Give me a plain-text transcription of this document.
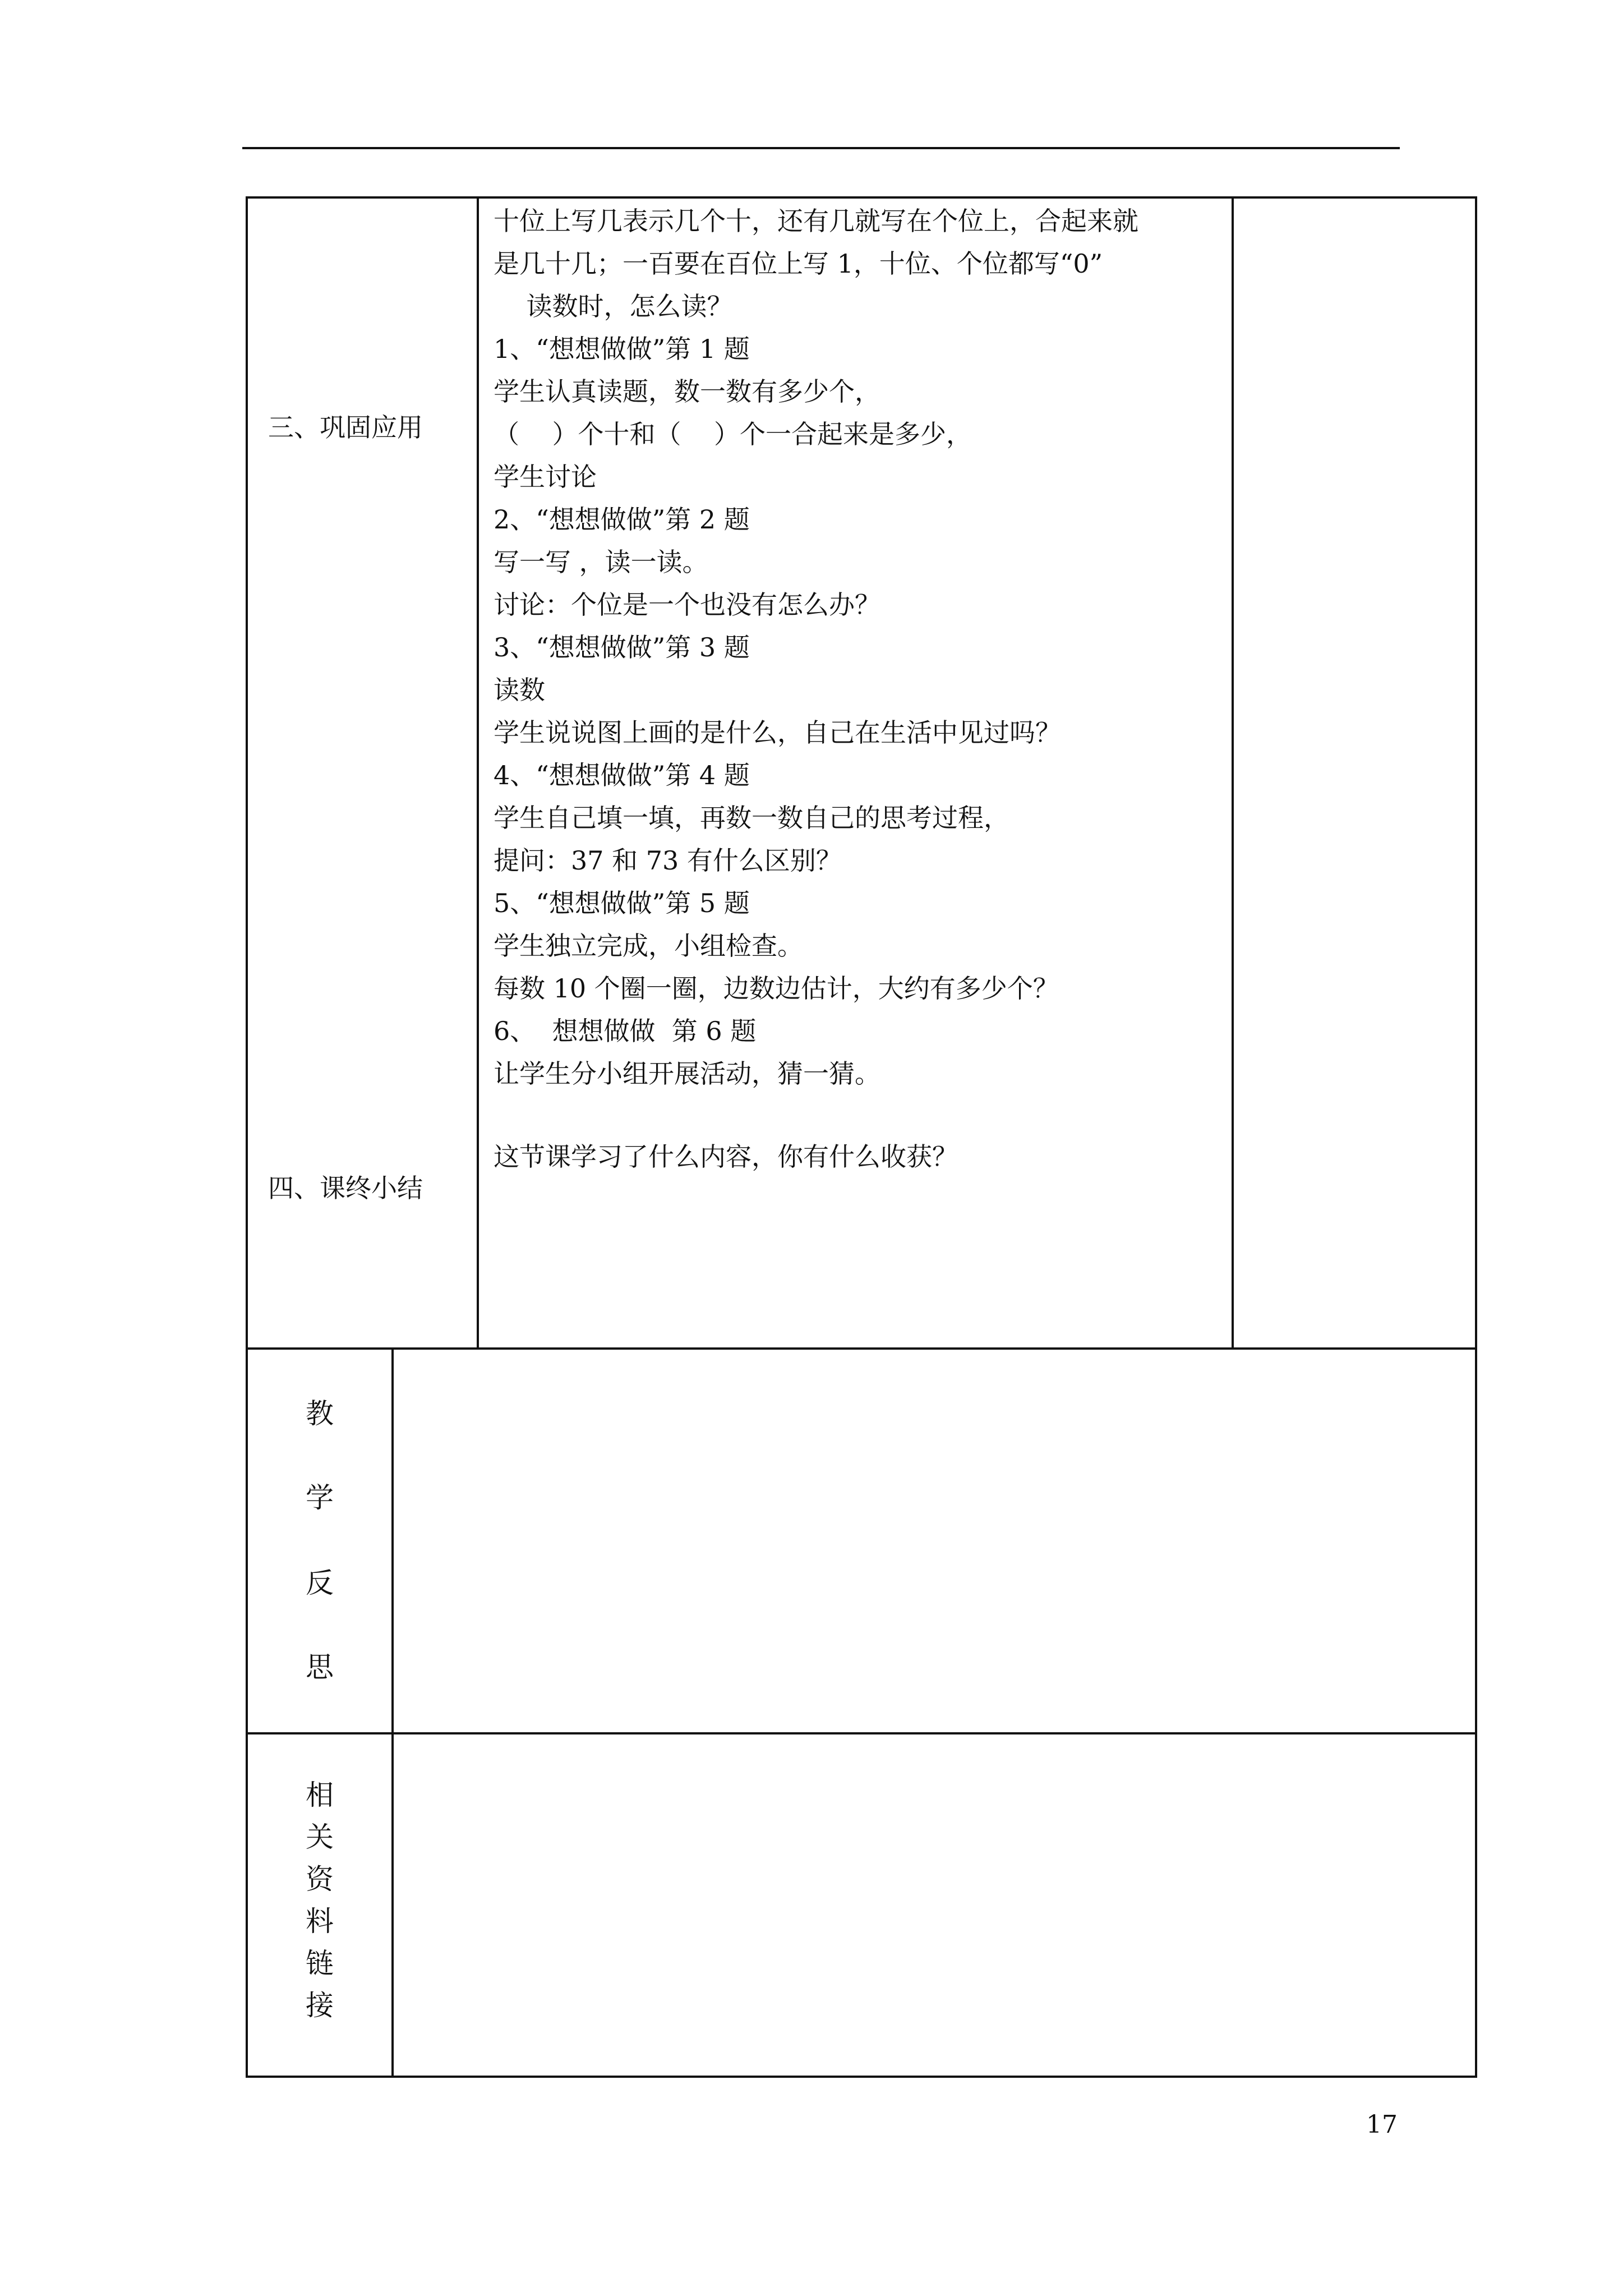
三、巩固应用
四、课终小结
十位上写几表示几个十，还有几就写在个位上，合起来就
是几十几；一百要在百位上写 1，十位、个位都写“0”
读数时，怎么读？
1、“想想做做”第 1 题
学生认真读题，数一数有多少个，
（    ）个十和（    ）个一合起来是多少，
学生讨论
2、“想想做做”第 2 题
写一写 ，读一读。
讨论：个位是一个也没有怎么办？
3、“想想做做”第 3 题
读数
学生说说图上画的是什么，自己在生活中见过吗？
4、“想想做做”第 4 题
学生自己填一填，再数一数自己的思考过程，
提问：37 和 73 有什么区别？
5、“想想做做”第 5 题
学生独立完成，小组检查。
每数 10 个圈一圈，边数边估计，大约有多少个？
6、  想想做做  第 6 题
让学生分小组开展活动，猜一猜。
这节课学习了什么内容，你有什么收获？
教
学
反
思
相
关
资
料
链
接
17
